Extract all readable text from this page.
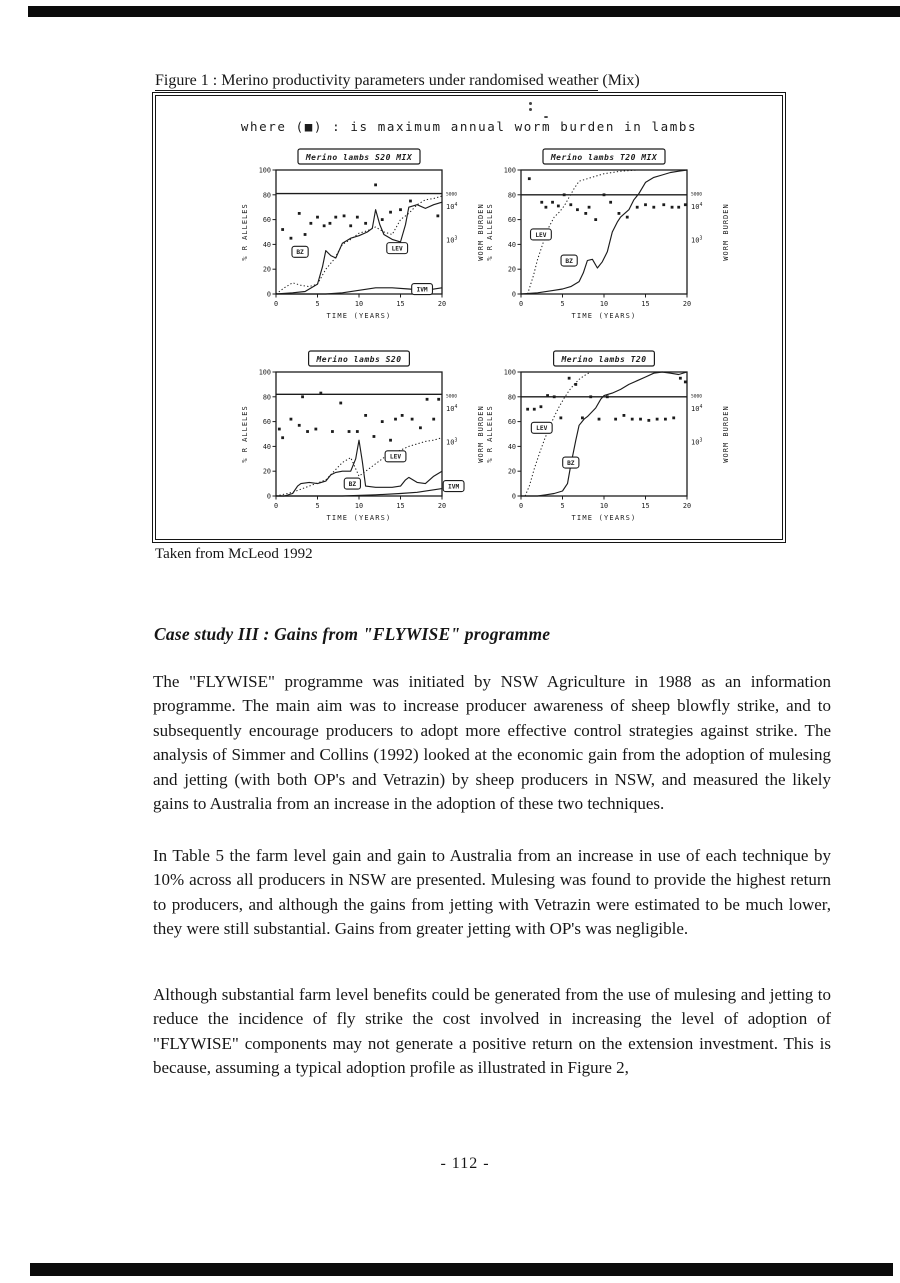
Figure 1 : Merino productivity parameters under randomised weather (Mix)
where (■) : is maximum annual worm burden in lambs
Merino lambs S20 MIX
0
20
40
60
80
100
0	5	10	15	20
TIME (YEARS)
% R ALLELES	WORM BURDEN
5000
$10^4$
$10^3$
BZ
LEV
IVM
Merino lambs T20 MIX
0
20
40
60
80
100
0	5	10	15	20
TIME (YEARS)
% R ALLELES	WORM BURDEN
5000
$10^4$
$10^3$
LEV
BZ
Merino lambs S20
0
20
40
60
80
100
0	5	10	15	20
TIME (YEARS)
% R ALLELES	WORM BURDEN
5000
$10^4$
$10^3$
BZ
LEV
IVM
Merino lambs T20
0
20
40
60
80
100
0	5	10	15	20
TIME (YEARS)
% R ALLELES	WORM BURDEN
5000
$10^4$
$10^3$
LEV
BZ
Taken from McLeod 1992
Case study III : Gains from "FLYWISE" programme

The "FLYWISE" programme was initiated by NSW Agriculture in 1988 as an information programme. The main aim was to increase producer awareness of sheep blowfly strike, and to subsequently encourage producers to adopt more effective control strategies against strike. The analysis of Simmer and Collins (1992) looked at the economic gain from the adoption of mulesing and jetting (with both OP's and Vetrazin) by sheep producers in NSW, and measured the likely gains to Australia from an increase in the adoption of these two techniques.

In Table 5 the farm level gain and gain to Australia from an increase in use of each technique by 10% across all producers in NSW are presented. Mulesing was found to provide the highest return to producers, and although the gains from jetting with Vetrazin were estimated to be much lower, they were still substantial. Gains from greater jetting with OP's was negligible.

Although substantial farm level benefits could be generated from the use of mulesing and jetting to reduce the incidence of fly strike the cost involved in increasing the level of adoption of "FLYWISE" components may not generate a positive return on the extension investment. This is because, assuming a typical adoption profile as illustrated in Figure 2,

- 112 -
